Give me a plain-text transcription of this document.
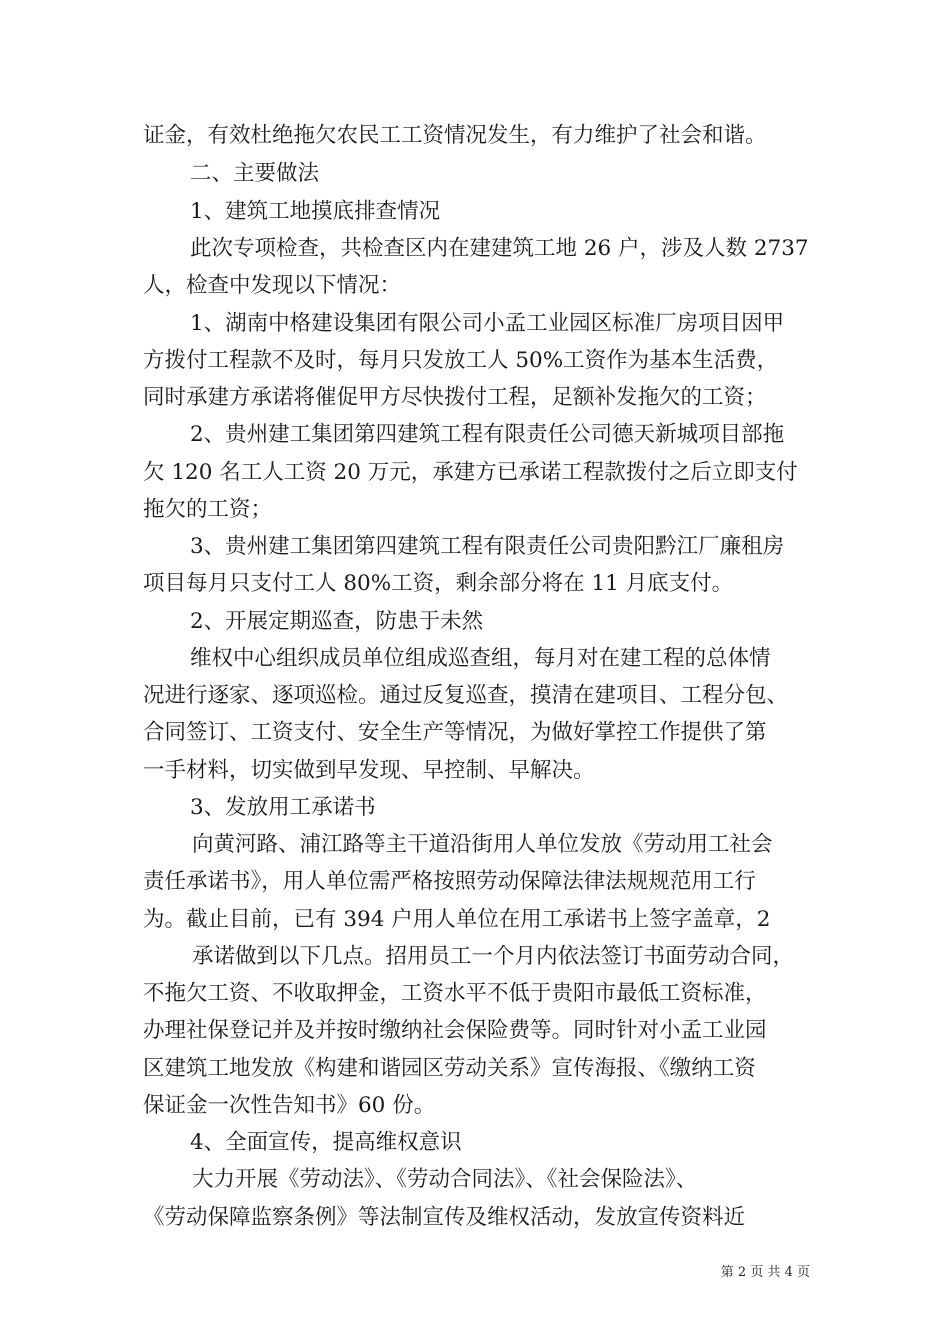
证金，有效杜绝拖欠农民工工资情况发生，有力维护了社会和谐。
二、主要做法
1、建筑工地摸底排查情况
此次专项检查，共检查区内在建建筑工地 26 户，涉及人数 2737
人，检查中发现以下情况：
1、湖南中格建设集团有限公司小孟工业园区标准厂房项目因甲
方拨付工程款不及时，每月只发放工人 50%工资作为基本生活费，
同时承建方承诺将催促甲方尽快拨付工程，足额补发拖欠的工资；
2、贵州建工集团第四建筑工程有限责任公司德天新城项目部拖
欠 120 名工人工资 20 万元，承建方已承诺工程款拨付之后立即支付
拖欠的工资；
3、贵州建工集团第四建筑工程有限责任公司贵阳黔江厂廉租房
项目每月只支付工人 80%工资，剩余部分将在 11 月底支付。
2、开展定期巡查，防患于未然
维权中心组织成员单位组成巡查组，每月对在建工程的总体情
况进行逐家、逐项巡检。通过反复巡查，摸清在建项目、工程分包、
合同签订、工资支付、安全生产等情况，为做好掌控工作提供了第
一手材料，切实做到早发现、早控制、早解决。
3、发放用工承诺书
向黄河路、浦江路等主干道沿街用人单位发放《劳动用工社会
责任承诺书》，用人单位需严格按照劳动保障法律法规规范用工行
为。截止目前，已有 394 户用人单位在用工承诺书上签字盖章，2
承诺做到以下几点。招用员工一个月内依法签订书面劳动合同，
不拖欠工资、不收取押金，工资水平不低于贵阳市最低工资标准，
办理社保登记并及并按时缴纳社会保险费等。同时针对小孟工业园
区建筑工地发放《构建和谐园区劳动关系》宣传海报、《缴纳工资
保证金一次性告知书》60 份。
4、全面宣传，提高维权意识
大力开展《劳动法》、《劳动合同法》、《社会保险法》、
《劳动保障监察条例》等法制宣传及维权活动，发放宣传资料近
第 2 页 共 4 页
